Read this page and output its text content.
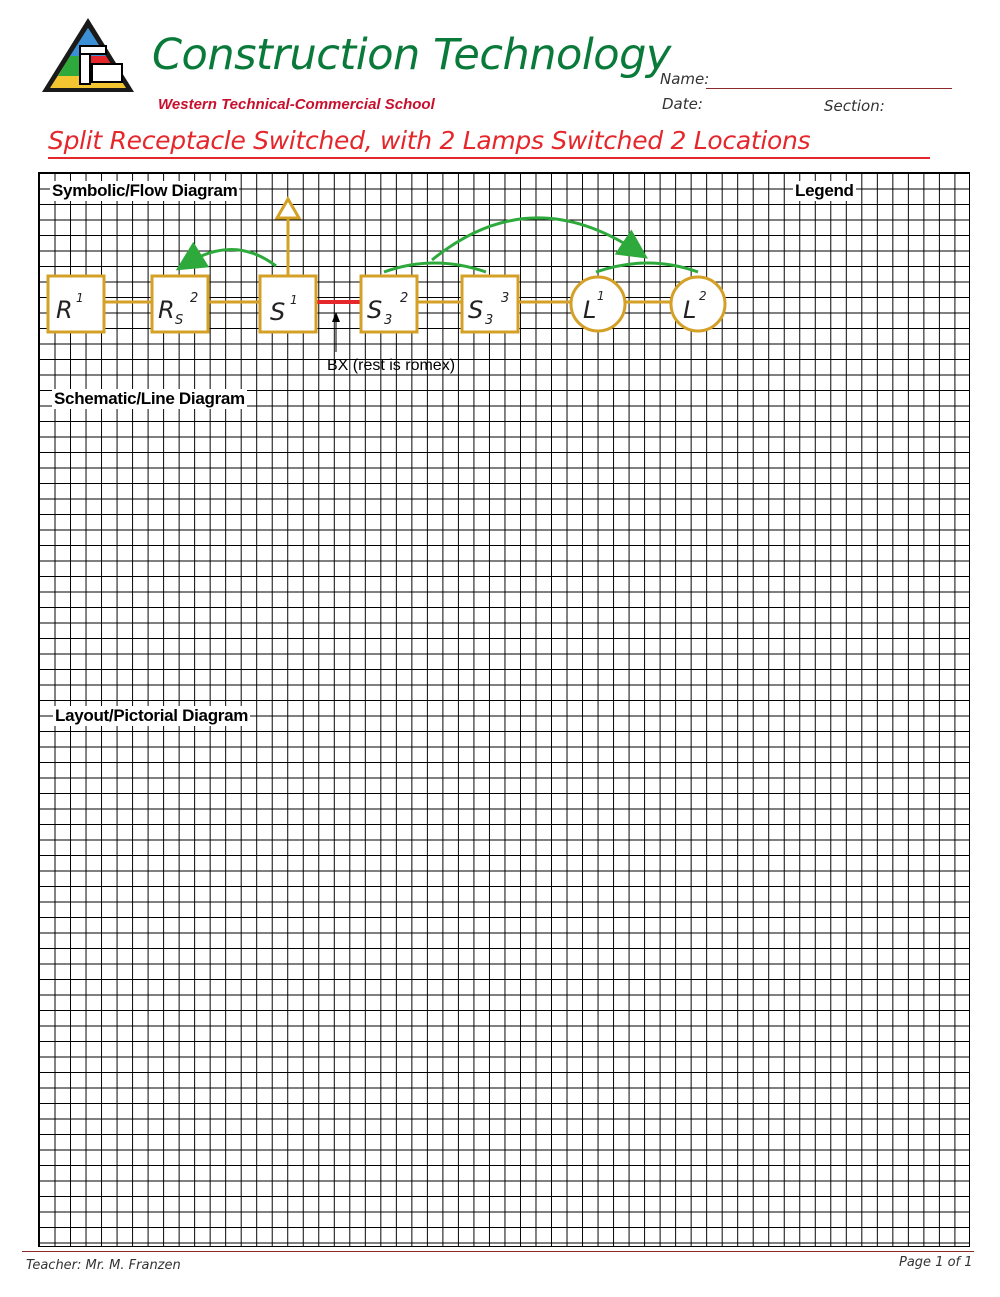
Construction Technology
Western Technical-Commercial School
Name:
Date:	Section:
Split Receptacle Switched, with 2 Lamps Switched 2 Locations
Symbolic/Flow Diagram	Legend
Schematic/Line Diagram
Layout/Pictorial Diagram
R 1	R S
2	S 1	S 3
2 S 3
3	L 1	L 2
BX (rest is romex)
Teacher: Mr. M. Franzen	Page 1 of 1
